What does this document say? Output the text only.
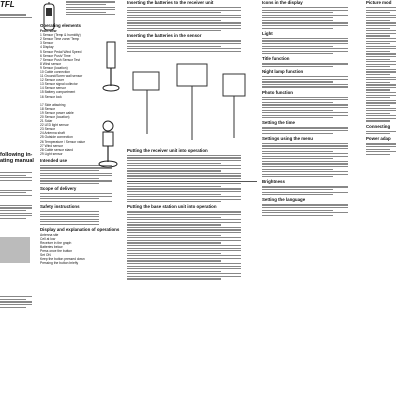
TFL
following in-
ating manual
Operating elements
Front view
1 Sensor (Temp & humidity)
2 Sensor Time zone/ Temp
3 Sensor
4 Display
5 Sensor Pedal Wind Speed
6 Sensor Push/ Time
7 Sensor Push Sensor Test
8 Wind sensor
9 Sensor (location)
10 Cable connection
11 Ground/Scren wall sensor
12 Sensor cover
13 Sensor signal collector
14 Sensor sensor
15 Battery compartment
16 Sensor lock
17 Side attaching
18 Sensor
19 Sensor power cable
20 Sensor (location)
21 Solar
22 LED light sensor
23 Sensor
24 Antenna shaft
25 Outside connection
26 Temperature / Sensor value
27 Wind sensor
28 Cable sensor stand
29 Light sensor
Intended use
Scope of delivery
Safety instructions
Display and explanation of operations
Antenna site
Cell at low
Receiver in the graph
Batteries below
Press once the button
Set ON
Keep the button pressed down
Pressing the button briefly
Inserting the batteries to the receiver unit
Inserting the batteries in the sensor
Putting the receiver unit into operation
Putting the base station unit into operation
Icons in the display
Light
Title function
Night lamp function
Photo function
Setting the time
Settings using the menu
Brightness
Setting the language
Picture mod
Connecting
Power adap
